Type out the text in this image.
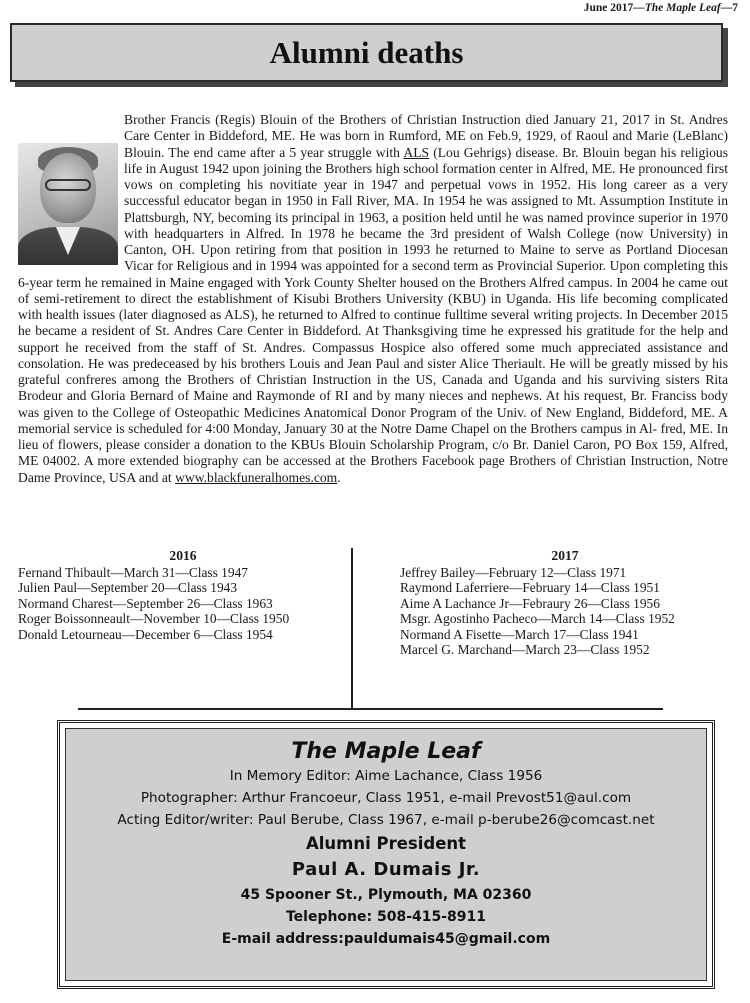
June 2017—The Maple Leaf—7
Alumni deaths
Brother Francis (Regis) Blouin of the Brothers of Christian Instruction died January 21, 2017 in St. Andres Care Center in Biddeford, ME. He was born in Rumford, ME on Feb.9, 1929, of Raoul and Marie (LeBlanc) Blouin. The end came after a 5 year struggle with ALS (Lou Gehrigs) disease. Br. Blouin began his religious life in August 1942 upon joining the Brothers high school formation center in Alfred, ME. He pronounced first vows on completing his novitiate year in 1947 and perpetual vows in 1952. His long career as a very successful educator began in 1950 in Fall River, MA. In 1954 he was assigned to Mt. Assumption Institute in Plattsburgh, NY, becoming its principal in 1963, a position held until he was named province superior in 1970 with headquarters in Alfred. In 1978 he became the 3rd president of Walsh College (now University) in Canton, OH. Upon retiring from that position in 1993 he returned to Maine to serve as Portland Diocesan Vicar for Religious and in 1994 was appointed for a second term as Provincial Superior. Upon completing this 6-year term he remained in Maine engaged with York County Shelter housed on the Brothers Alfred campus. In 2004 he came out of semi-retirement to direct the establishment of Kisubi Brothers University (KBU) in Uganda. His life becoming complicated with health issues (later diagnosed as ALS), he returned to Alfred to continue fulltime several writing projects. In December 2015 he became a resident of St. Andres Care Center in Biddeford. At Thanksgiving time he expressed his gratitude for the help and support he received from the staff of St. Andres. Compassus Hospice also offered some much appreciated assistance and consolation. He was predeceased by his brothers Louis and Jean Paul and sister Alice Theriault. He will be greatly missed by his grateful confreres among the Brothers of Christian Instruction in the US, Canada and Uganda and his surviving sisters Rita Brodeur and Gloria Bernard of Maine and Raymonde of RI and by many nieces and nephews. At his request, Br. Franciss body was given to the College of Osteopathic Medicines Anatomical Donor Program of the Univ. of New England, Biddeford, ME. A memorial service is scheduled for 4:00 Monday, January 30 at the Notre Dame Chapel on the Brothers campus in Al- fred, ME. In lieu of flowers, please consider a donation to the KBUs Blouin Scholarship Program, c/o Br. Daniel Caron, PO Box 159, Alfred, ME 04002. A more extended biography can be accessed at the Brothers Facebook page Brothers of Christian Instruction, Notre Dame Province, USA and at www.blackfuneralhomes.com.
2016
Fernand Thibault—March 31—Class 1947
Julien Paul—September 20—Class 1943
Normand Charest—September 26—Class 1963
Roger Boissonneault—November 10—Class 1950
Donald Letourneau—December 6—Class 1954
2017
Jeffrey Bailey—February 12—Class 1971
Raymond Laferriere—February 14—Class 1951
Aime A Lachance Jr—Febraury 26—Class 1956
Msgr. Agostinho Pacheco—March 14—Class 1952
Normand A Fisette—March 17—Class 1941
Marcel G. Marchand—March 23—Class 1952
The Maple Leaf
In Memory Editor: Aime Lachance, Class 1956
Photographer: Arthur Francoeur, Class 1951, e-mail Prevost51@aul.com
Acting Editor/writer: Paul Berube, Class 1967, e-mail p-berube26@comcast.net
Alumni President
Paul A. Dumais Jr.
45 Spooner St., Plymouth, MA 02360
Telephone: 508-415-8911
E-mail address:pauldumais45@gmail.com
